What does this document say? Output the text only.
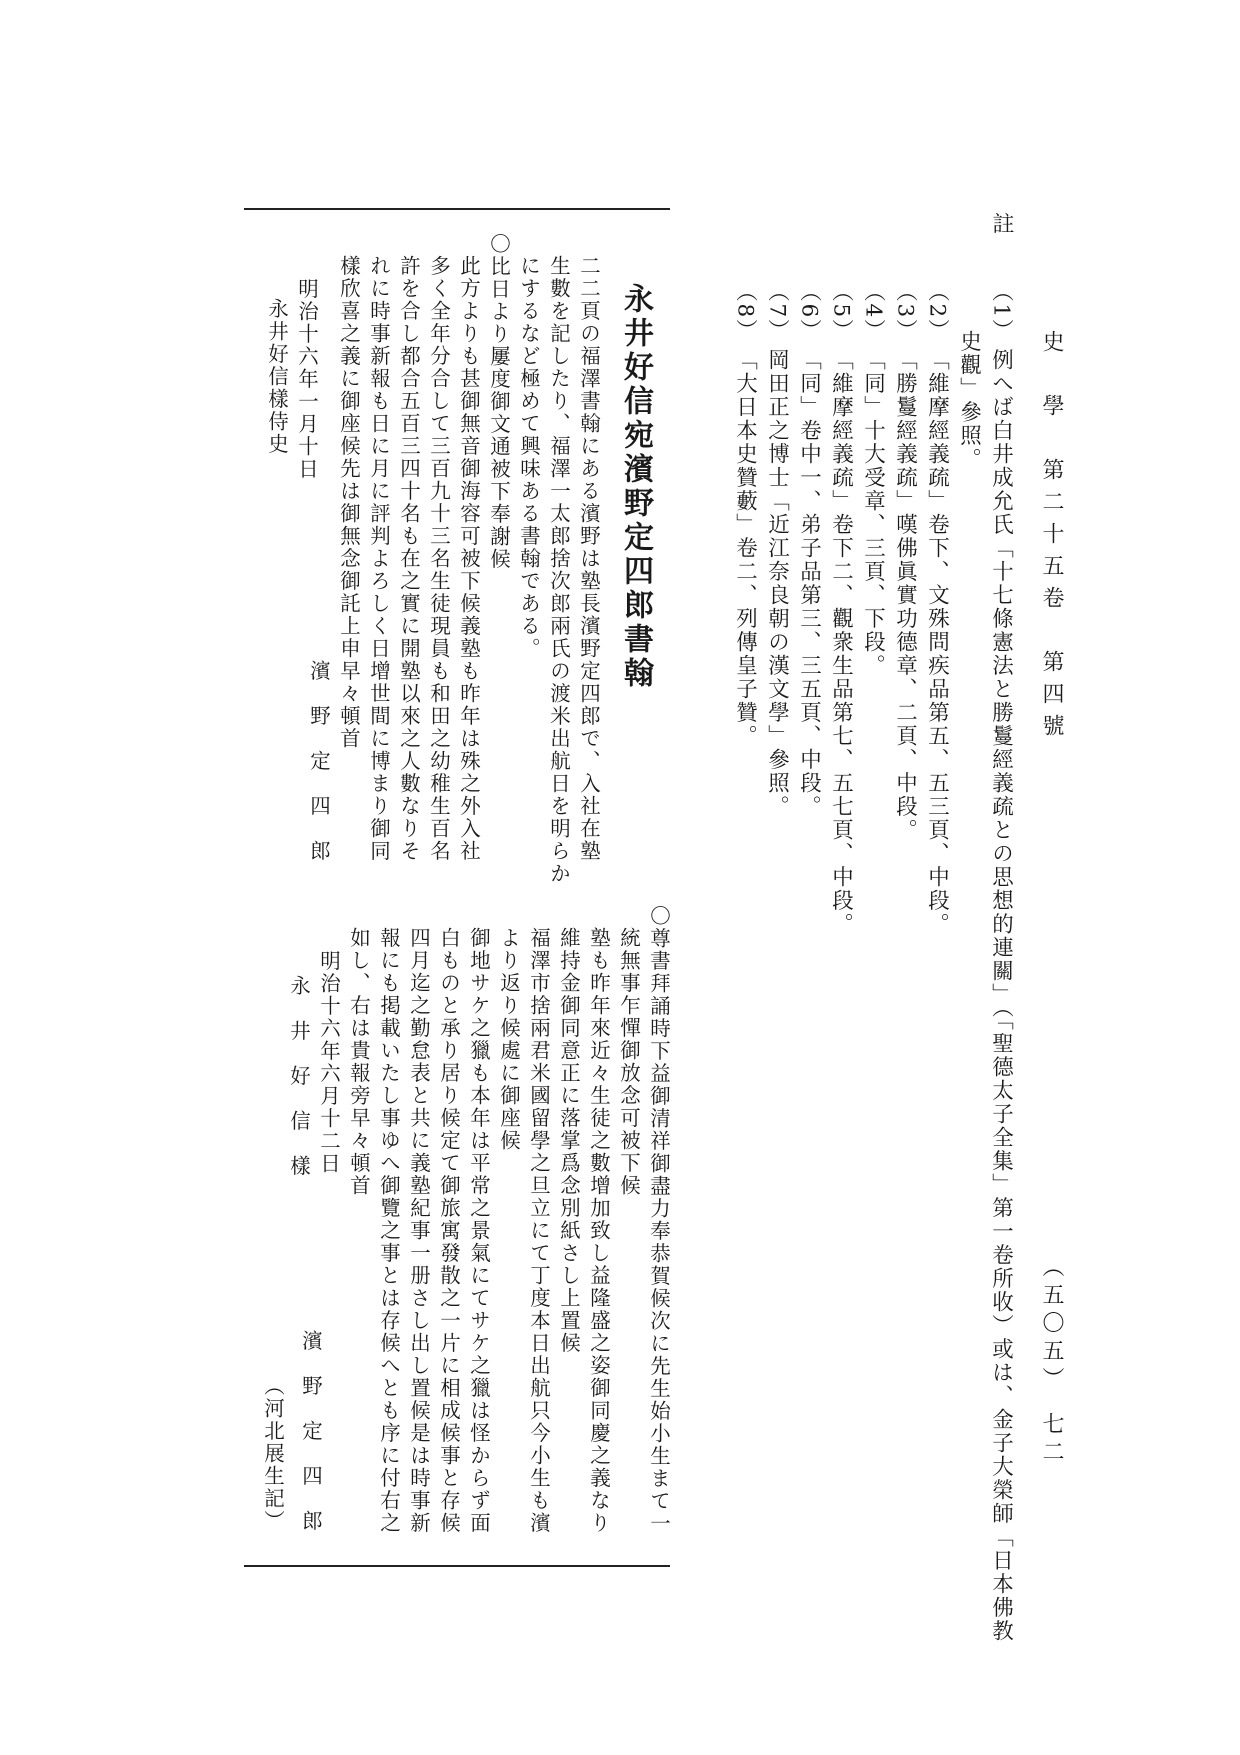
史　學　第二十五卷　第四號
（五〇五）　七二
註
（1）例へば白井成允氏「十七條憲法と勝鬘經義疏との思想的連關」（「聖德太子全集」第一卷所收）或は、金子大榮師「日本佛教
史觀」參照。
（2）「維摩經義疏」卷下、文殊問疾品第五、五三頁、中段。
（3）「勝鬘經義疏」嘆佛眞實功德章、二頁、中段。
（4）「同」十大受章、三頁、下段。
（5）「維摩經義疏」卷下二、觀衆生品第七、五七頁、中段。
（6）「同」卷中一、弟子品第三、三五頁、中段。
（7）岡田正之博士「近江奈良朝の漢文學」參照。
（8）「大日本史贊藪」卷二、列傳皇子贊。
永井好信宛濱野定四郎書翰
二二頁の福澤書翰にある濱野は塾長濱野定四郎で、入社在塾
生數を記したり、福澤一太郎捨次郎兩氏の渡米出航日を明らか
にするなど極めて興味ある書翰である。
〇比日より屢度御文通被下奉謝候
此方よりも甚御無音御海容可被下候義塾も昨年は殊之外入社
多く全年分合して三百九十三名生徒現員も和田之幼稚生百名
許を合し都合五百三四十名も在之實に開塾以來之人數なりそ
れに時事新報も日に月に評判よろしく日增世間に博まり御同
樣欣喜之義に御座候先は御無念御託上申早々頓首
濱　野　定　四　郎
明治十六年一月十日
永井好信樣侍史
〇尊書拜誦時下益御清祥御盡力奉恭賀候次に先生始小生まて一
統無事乍憚御放念可被下候
塾も昨年來近々生徒之數增加致し益隆盛之姿御同慶之義なり
維持金御同意正に落掌爲念別紙さし上置候
福澤市捨兩君米國留學之旦立にて丁度本日出航只今小生も濱
より返り候處に御座候
御地サケ之獵も本年は平常之景氣にてサケ之獵は怪からず面
白ものと承り居り候定て御旅寓發散之一片に相成候事と存候
四月迄之勤怠表と共に義塾紀事一册さし出し置候是は時事新
報にも掲載いたし事ゆへ御覽之事とは存候へとも序に付右之
如し、右は貴報旁早々頓首
濱　野　定　四　郎
明治十六年六月十二日
永　井　好　信　樣
（河北展生記）
